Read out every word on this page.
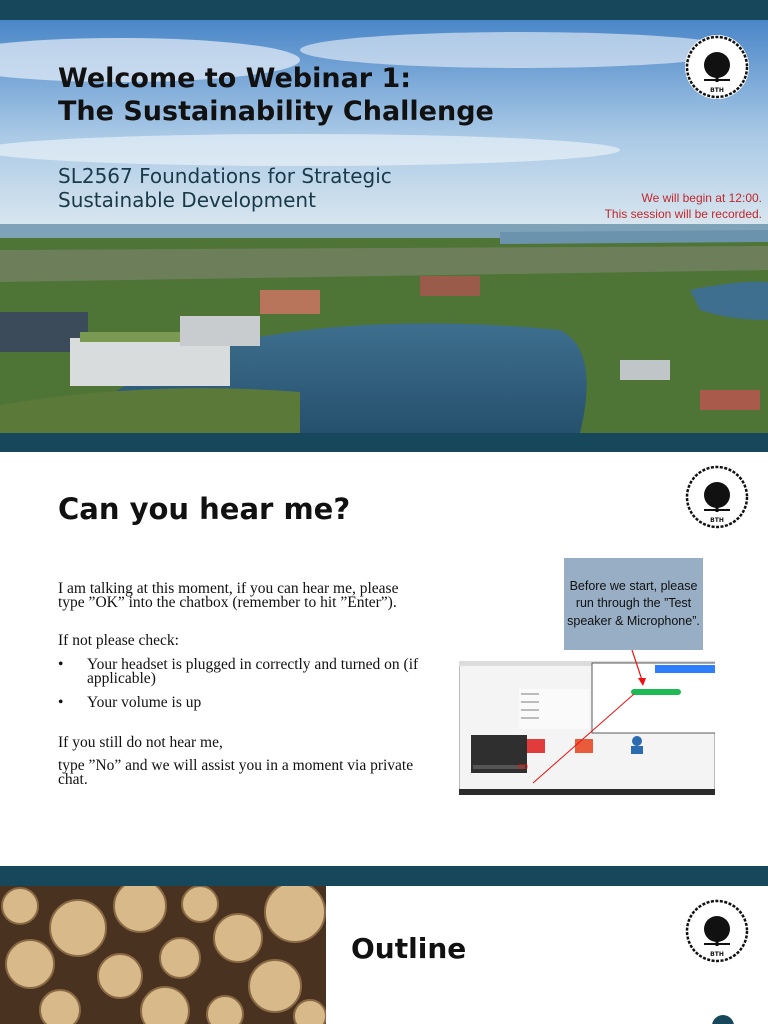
Welcome to Webinar 1:
The Sustainability Challenge
SL2567 Foundations for Strategic
Sustainable Development	We will begin at 12:00.
This session will be recorded.
BTH
Can you hear me?	BTH

I am talking at this moment, if you can hear me, please type ”OK” into the chatbox (remember to hit ”Enter”).

If not please check:

•	Your headset is plugged in correctly and turned on (if applicable)
•	Your volume is up

If you still do not hear me,

type ”No” and we will assist you in a moment via private chat.

Before we start, please run through the ”Test speaker & Microphone”.
Outline	BTH
